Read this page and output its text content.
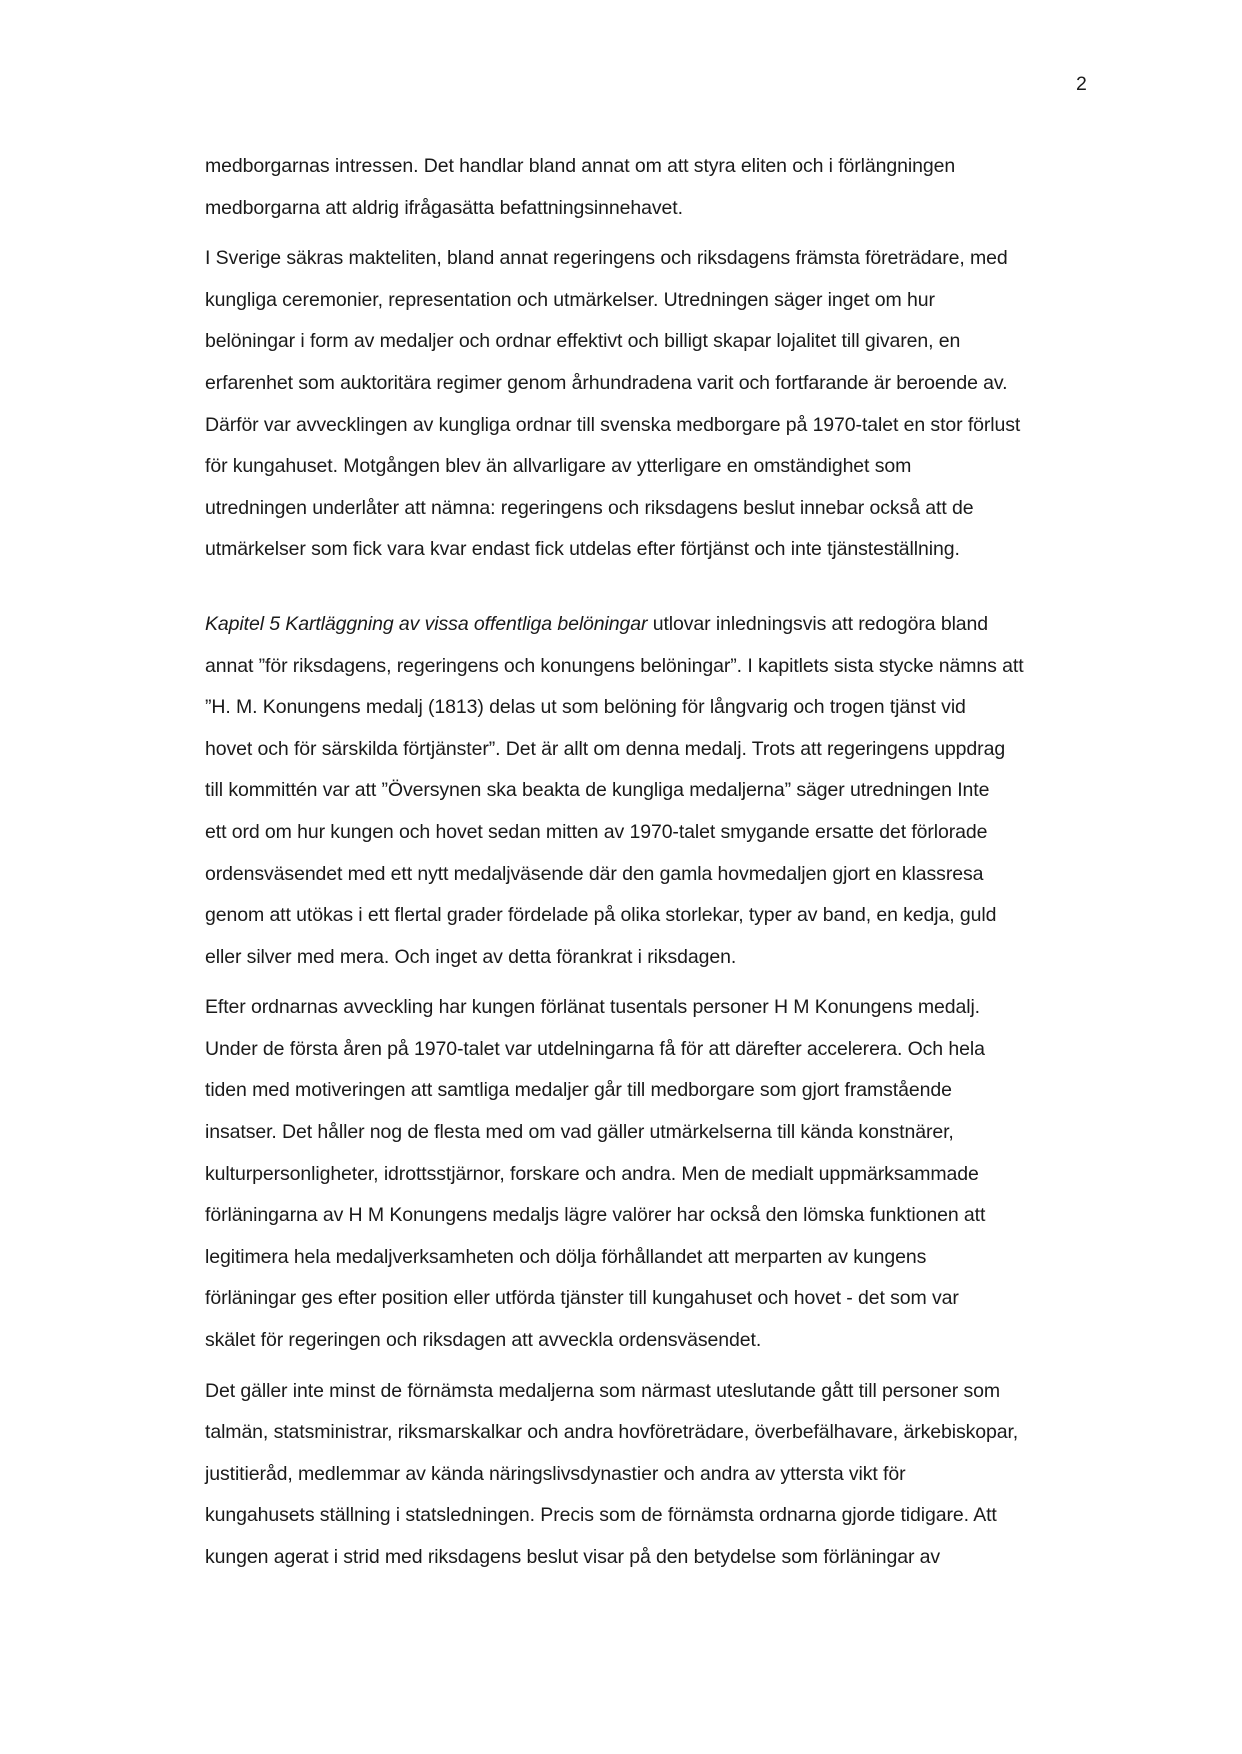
2
medborgarnas intressen. Det handlar bland annat om att styra eliten och i förlängningen
medborgarna att aldrig ifrågasätta befattningsinnehavet.
I Sverige säkras makteliten, bland annat regeringens och riksdagens främsta företrädare, med
kungliga ceremonier, representation och utmärkelser. Utredningen säger inget om hur
belöningar i form av medaljer och ordnar effektivt och billigt skapar lojalitet till givaren, en
erfarenhet som auktoritära regimer genom århundradena varit och fortfarande är beroende av.
Därför var avvecklingen av kungliga ordnar till svenska medborgare på 1970-talet en stor förlust
för kungahuset. Motgången blev än allvarligare av ytterligare en omständighet som
utredningen underlåter att nämna: regeringens och riksdagens beslut innebar också att de
utmärkelser som fick vara kvar endast fick utdelas efter förtjänst och inte tjänsteställning.
Kapitel 5 Kartläggning av vissa offentliga belöningar utlovar inledningsvis att redogöra bland
annat ”för riksdagens, regeringens och konungens belöningar”. I kapitlets sista stycke nämns att
”H. M. Konungens medalj (1813) delas ut som belöning för långvarig och trogen tjänst vid
hovet och för särskilda förtjänster”. Det är allt om denna medalj. Trots att regeringens uppdrag
till kommittén var att ”Översynen ska beakta de kungliga medaljerna” säger utredningen Inte
ett ord om hur kungen och hovet sedan mitten av 1970-talet smygande ersatte det förlorade
ordensväsendet med ett nytt medaljväsende där den gamla hovmedaljen gjort en klassresa
genom att utökas i ett flertal grader fördelade på olika storlekar, typer av band, en kedja, guld
eller silver med mera. Och inget av detta förankrat i riksdagen.
Efter ordnarnas avveckling har kungen förlänat tusentals personer H M Konungens medalj.
Under de första åren på 1970-talet var utdelningarna få för att därefter accelerera. Och hela
tiden med motiveringen att samtliga medaljer går till medborgare som gjort framstående
insatser. Det håller nog de flesta med om vad gäller utmärkelserna till kända konstnärer,
kulturpersonligheter, idrottsstjärnor, forskare och andra. Men de medialt uppmärksammade
förläningarna av H M Konungens medaljs lägre valörer har också den lömska funktionen att
legitimera hela medaljverksamheten och dölja förhållandet att merparten av kungens
förläningar ges efter position eller utförda tjänster till kungahuset och hovet - det som var
skälet för regeringen och riksdagen att avveckla ordensväsendet.
Det gäller inte minst de förnämsta medaljerna som närmast uteslutande gått till personer som
talmän, statsministrar, riksmarskalkar och andra hovföreträdare, överbefälhavare, ärkebiskopar,
justitieråd, medlemmar av kända näringslivsdynastier och andra av yttersta vikt för
kungahusets ställning i statsledningen. Precis som de förnämsta ordnarna gjorde tidigare. Att
kungen agerat i strid med riksdagens beslut visar på den betydelse som förläningar av
